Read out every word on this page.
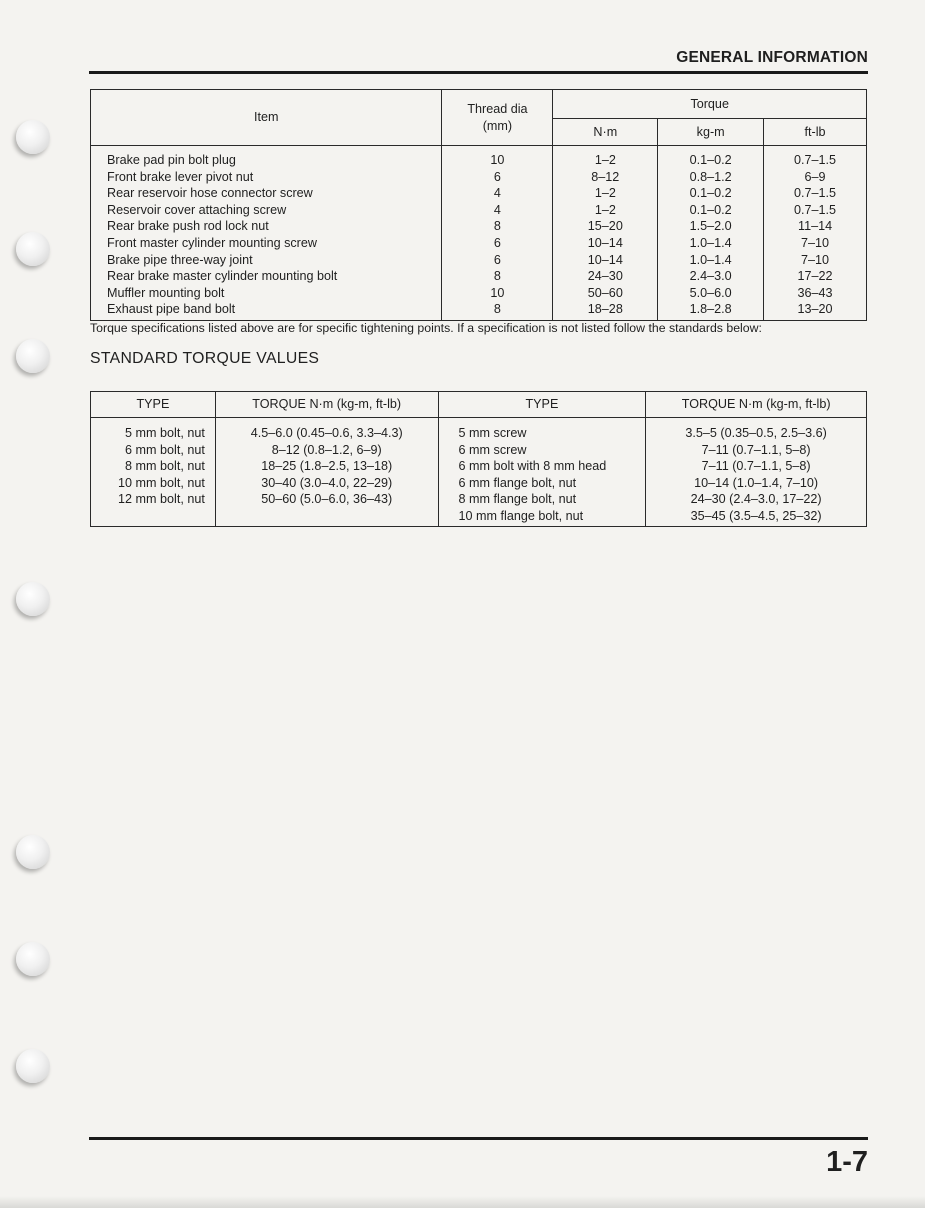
GENERAL INFORMATION
Item	Thread dia (mm)	Torque		
		N·m	kg-m	ft-lb
Brake pad pin bolt plug	10	1–2	0.1–0.2	0.7–1.5
Front brake lever pivot nut	6	8–12	0.8–1.2	6–9
Rear reservoir hose connector screw	4	1–2	0.1–0.2	0.7–1.5
Reservoir cover attaching screw	4	1–2	0.1–0.2	0.7–1.5
Rear brake push rod lock nut	8	15–20	1.5–2.0	11–14
Front master cylinder mounting screw	6	10–14	1.0–1.4	7–10
Brake pipe three-way joint	6	10–14	1.0–1.4	7–10
Rear brake master cylinder mounting bolt	8	24–30	2.4–3.0	17–22
Muffler mounting bolt	10	50–60	5.0–6.0	36–43
Exhaust pipe band bolt	8	18–28	1.8–2.8	13–20
Torque specifications listed above are for specific tightening points. If a specification is not listed follow the standards below:
STANDARD TORQUE VALUES
TYPE	TORQUE N·m (kg-m, ft-lb)	TYPE	TORQUE N·m (kg-m, ft-lb)
5 mm bolt, nut	4.5–6.0 (0.45–0.6, 3.3–4.3)	5 mm screw	3.5–5 (0.35–0.5, 2.5–3.6)
6 mm bolt, nut	8–12 (0.8–1.2, 6–9)	6 mm screw	7–11 (0.7–1.1, 5–8)
8 mm bolt, nut	18–25 (1.8–2.5, 13–18)	6 mm bolt with 8 mm head	7–11 (0.7–1.1, 5–8)
10 mm bolt, nut	30–40 (3.0–4.0, 22–29)	6 mm flange bolt, nut	10–14 (1.0–1.4, 7–10)
12 mm bolt, nut	50–60 (5.0–6.0, 36–43)	8 mm flange bolt, nut	24–30 (2.4–3.0, 17–22)
		10 mm flange bolt, nut	35–45 (3.5–4.5, 25–32)
1-7
